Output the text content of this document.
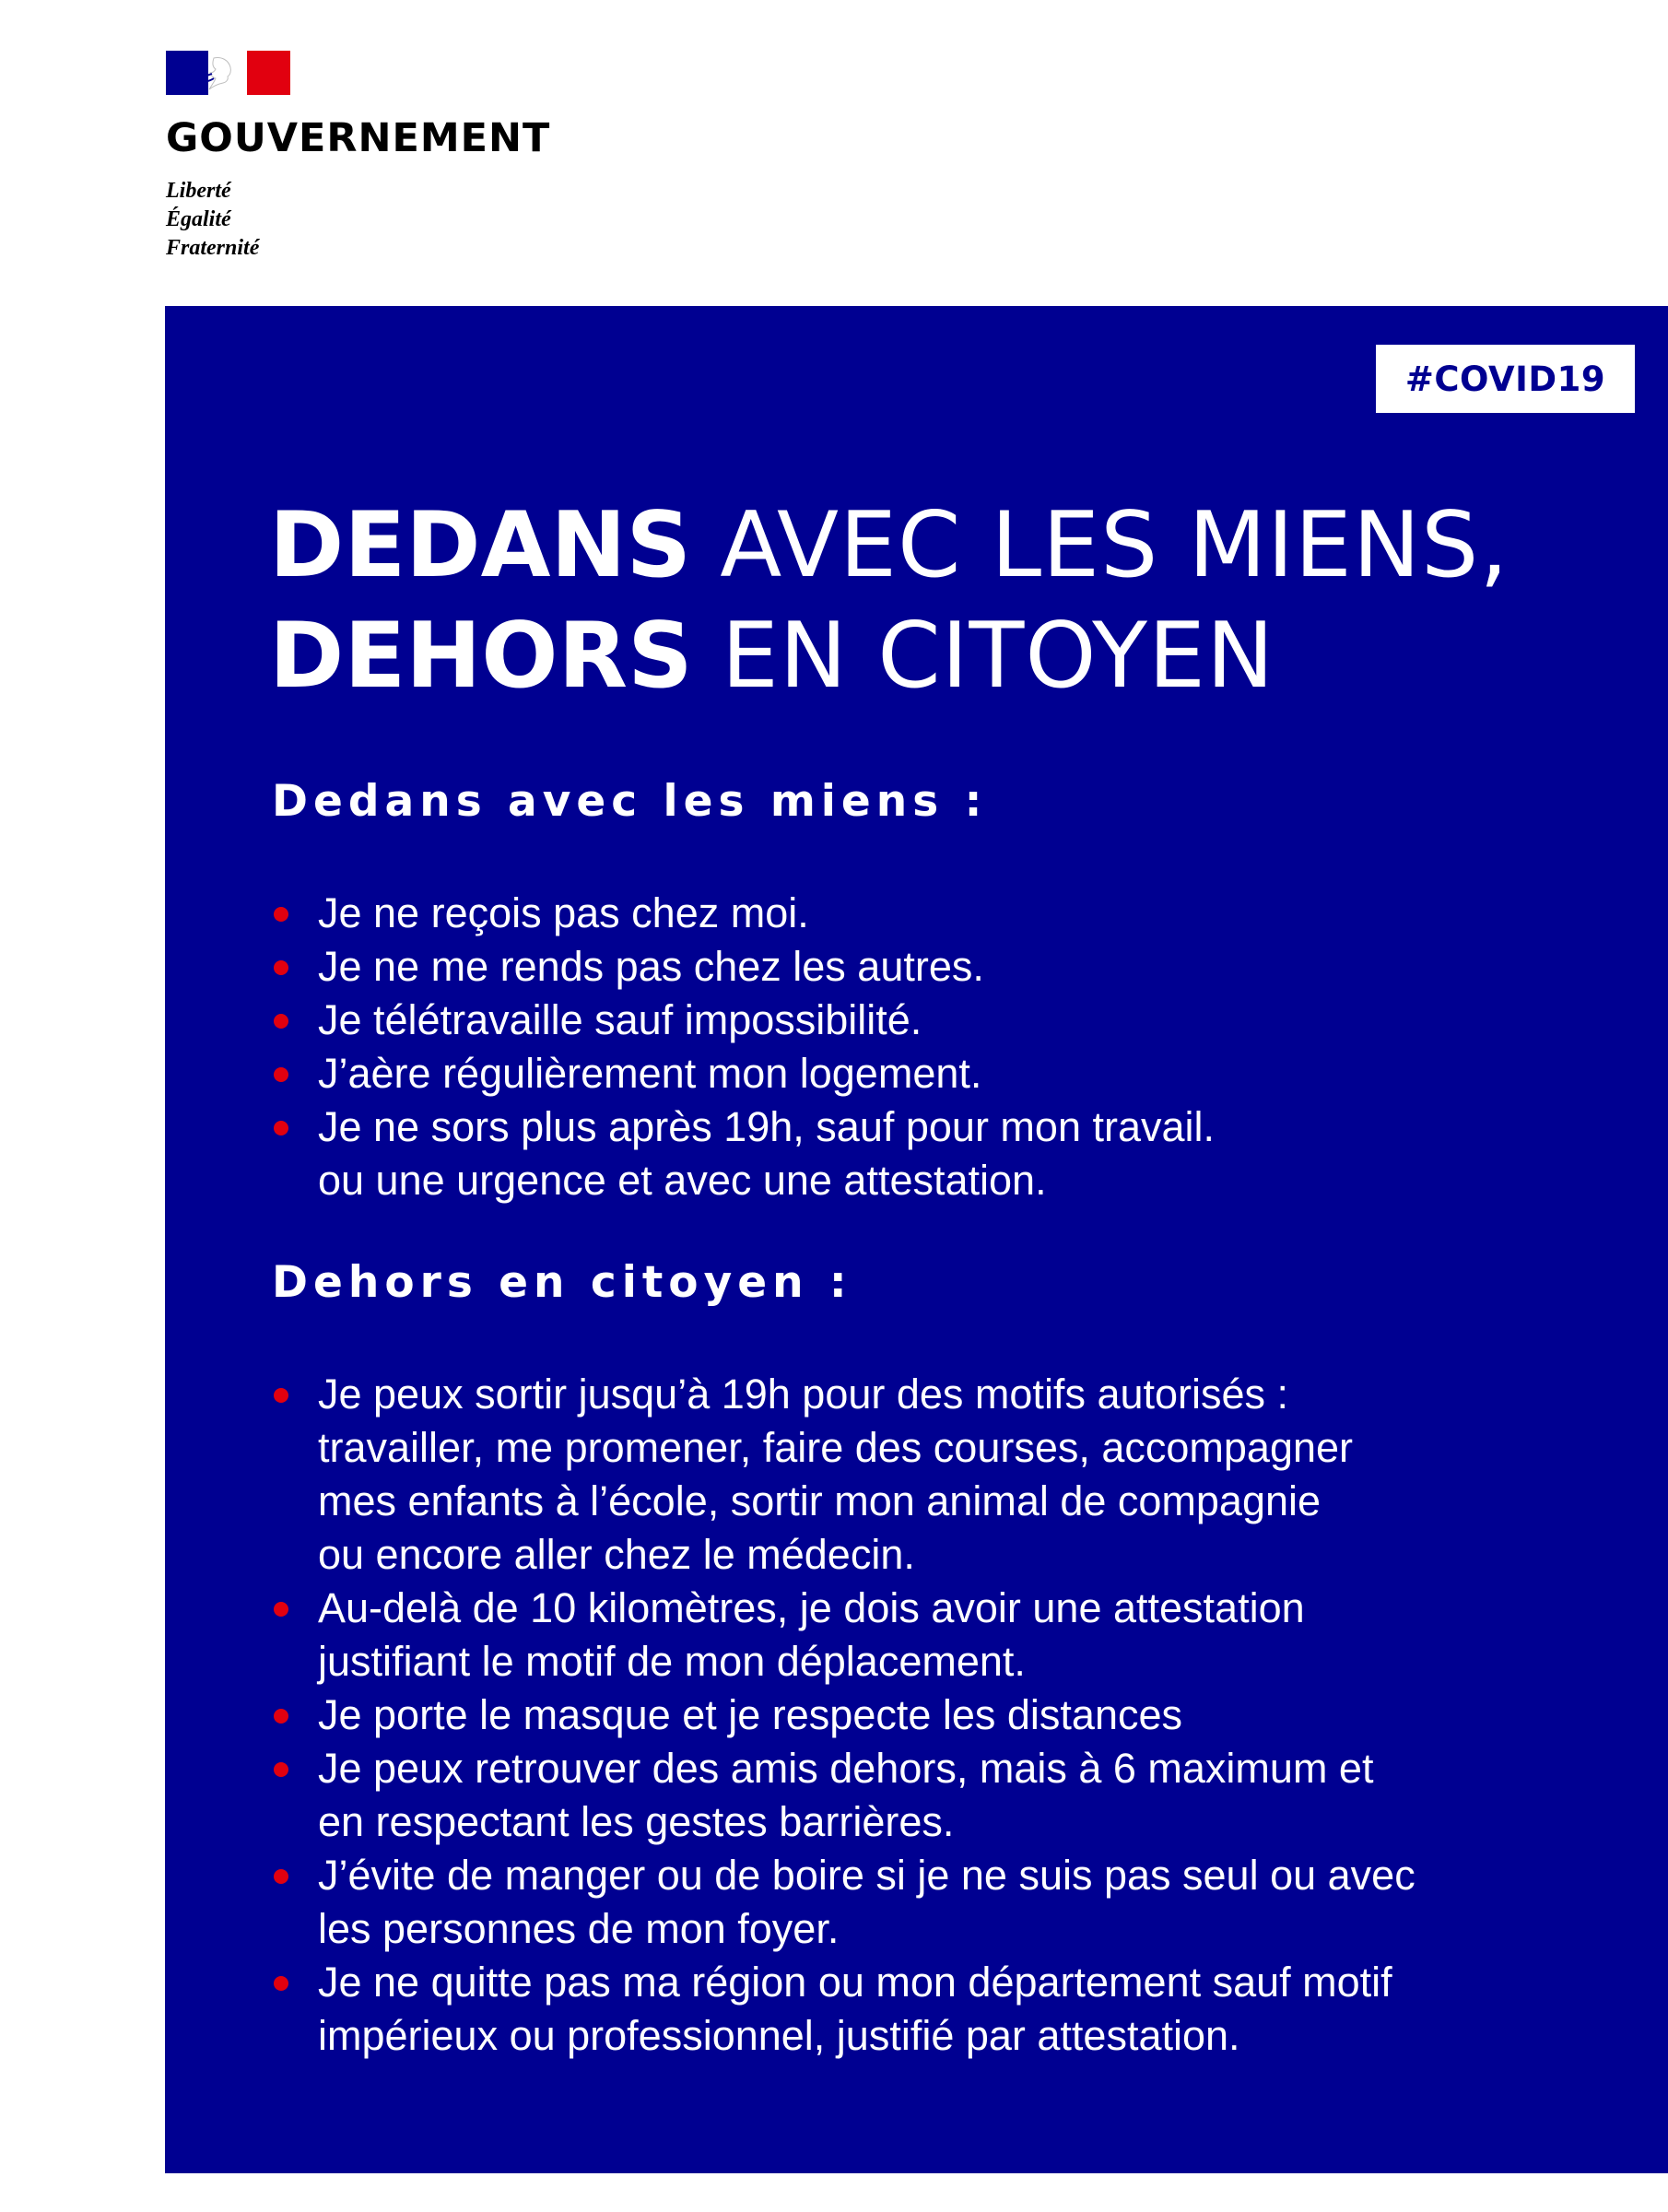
GOUVERNEMENT
Liberté
Égalité
Fraternité
#COVID19
DEDANS AVEC LES MIENS,
DEHORS EN CITOYEN
Dedans avec les miens :
Je ne reçois pas chez moi.
Je ne me rends pas chez les autres.
Je télétravaille sauf impossibilité.
J’aère régulièrement mon logement.
Je ne sors plus après 19h, sauf pour mon travail.
ou une urgence et avec une attestation.
Dehors en citoyen :
Je peux sortir jusqu’à 19h pour des motifs autorisés :
travailler, me promener, faire des courses, accompagner
mes enfants à l’école, sortir mon animal de compagnie
ou encore aller chez le médecin.
Au-delà de 10 kilomètres, je dois avoir une attestation
justifiant le motif de mon déplacement.
Je porte le masque et je respecte les distances
Je peux retrouver des amis dehors, mais à 6 maximum et
en respectant les gestes barrières.
J’évite de manger ou de boire si je ne suis pas seul ou avec
les personnes de mon foyer.
Je ne quitte pas ma région ou mon département sauf motif
impérieux ou professionnel, justifié par attestation.
